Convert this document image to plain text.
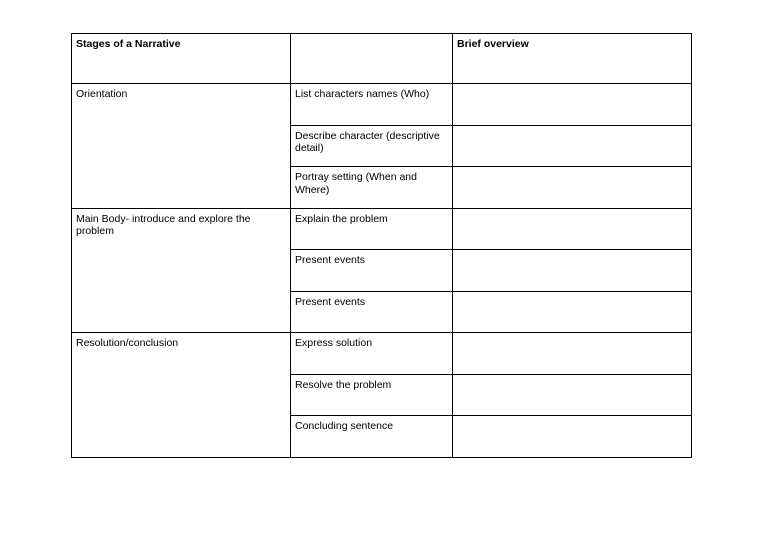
Stages of a Narrative		Brief overview
Orientation	List characters names (Who)	
	Describe character (descriptive detail)	
	Portray setting (When and Where)	
Main Body- introduce and explore the problem	Explain the problem	
	Present events	
	Present events	
Resolution/conclusion	Express solution	
	Resolve the problem	
	Concluding sentence	
